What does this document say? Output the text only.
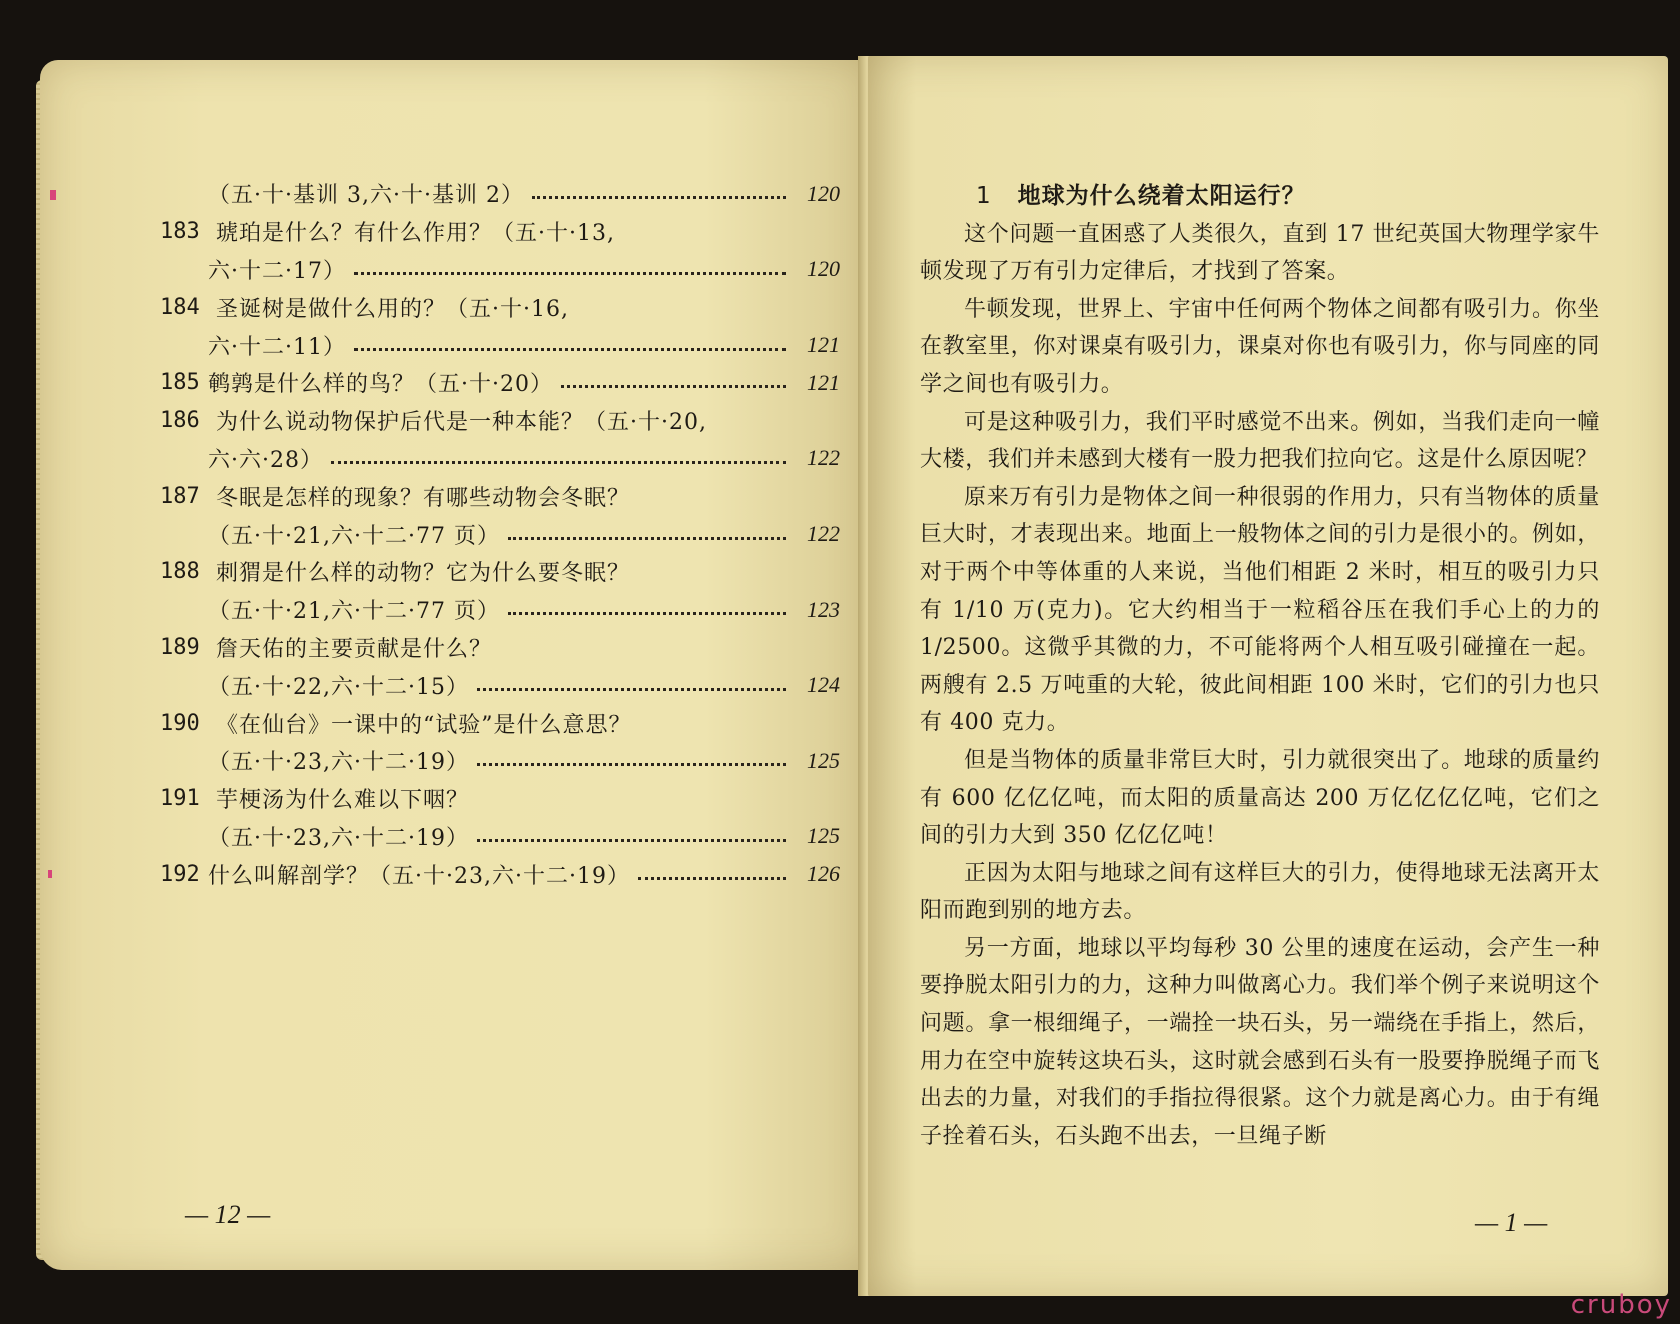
（五·十·基训 3,六·十·基训 2）	120
183 琥珀是什么？有什么作用？（五·十·13,
六·十二·17）	120
184 圣诞树是做什么用的？（五·十·16,
六·十二·11）	121
185 鹌鹑是什么样的鸟？（五·十·20）	121
186 为什么说动物保护后代是一种本能？（五·十·20,
六·六·28）	122
187 冬眠是怎样的现象？有哪些动物会冬眠？
（五·十·21,六·十二·77 页）	122
188 刺猬是什么样的动物？它为什么要冬眠？
（五·十·21,六·十二·77 页）	123
189 詹天佑的主要贡献是什么？
（五·十·22,六·十二·15）	124
190 《在仙台》一课中的“试验”是什么意思？
（五·十·23,六·十二·19）	125
191 芋梗汤为什么难以下咽？
（五·十·23,六·十二·19）	125
192 什么叫解剖学？（五·十·23,六·十二·19）	126
— 12 —
1 地球为什么绕着太阳运行？

这个问题一直困惑了人类很久，直到 17 世纪英国大物理学家牛顿发现了万有引力定律后，才找到了答案。

牛顿发现，世界上、宇宙中任何两个物体之间都有吸引力。你坐在教室里，你对课桌有吸引力，课桌对你也有吸引力，你与同座的同学之间也有吸引力。

可是这种吸引力，我们平时感觉不出来。例如，当我们走向一幢大楼，我们并未感到大楼有一股力把我们拉向它。这是什么原因呢？

原来万有引力是物体之间一种很弱的作用力，只有当物体的质量巨大时，才表现出来。地面上一般物体之间的引力是很小的。例如，对于两个中等体重的人来说，当他们相距 2 米时，相互的吸引力只有 1/10 万(克力)。它大约相当于一粒稻谷压在我们手心上的力的 1/2500。这微乎其微的力，不可能将两个人相互吸引碰撞在一起。两艘有 2.5 万吨重的大轮，彼此间相距 100 米时，它们的引力也只有 400 克力。

但是当物体的质量非常巨大时，引力就很突出了。地球的质量约有 600 亿亿亿吨，而太阳的质量高达 200 万亿亿亿亿吨，它们之间的引力大到 350 亿亿亿吨！

正因为太阳与地球之间有这样巨大的引力，使得地球无法离开太阳而跑到别的地方去。

另一方面，地球以平均每秒 30 公里的速度在运动，会产生一种要挣脱太阳引力的力，这种力叫做离心力。我们举个例子来说明这个问题。拿一根细绳子，一端拴一块石头，另一端绕在手指上，然后，用力在空中旋转这块石头，这时就会感到石头有一股要挣脱绳子而飞出去的力量，对我们的手指拉得很紧。这个力就是离心力。由于有绳子拴着石头，石头跑不出去，一旦绳子断

— 1 —
cruboy
